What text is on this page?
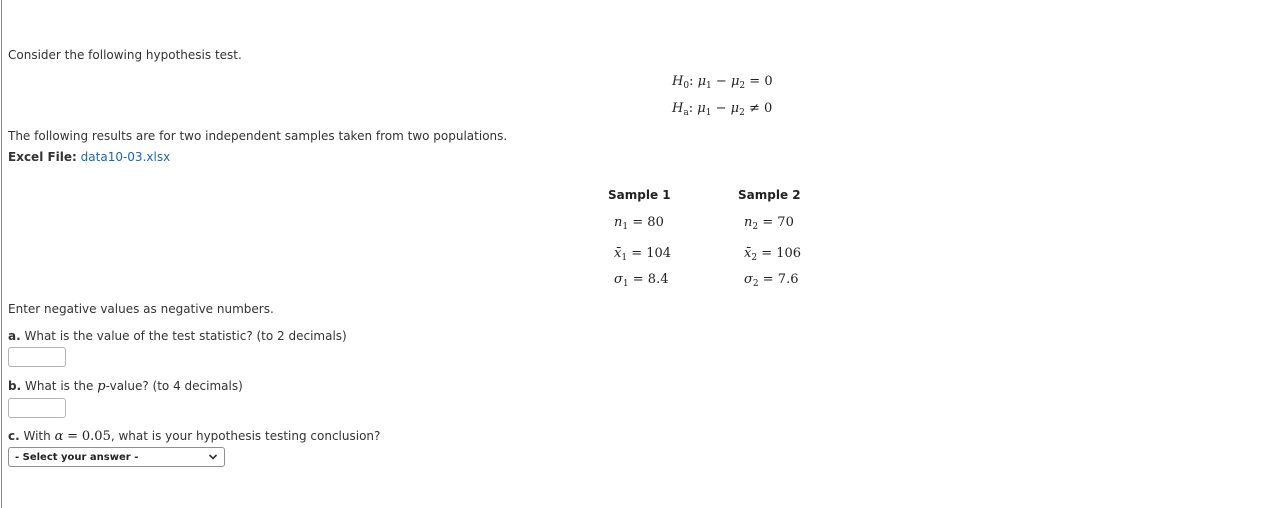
Consider the following hypothesis test.
$H_0$: $\mu_1 - \mu_2 = 0$
$H_a$: $\mu_1 - \mu_2 \ne 0$
The following results are for two independent samples taken from two populations.
Excel File: data10-03.xlsx
Sample 1	Sample 2
$n_1 = 80$	$n_2 = 70$
$x̄_1 = 104$	$x̄_2 = 106$
$\sigma_1 = 8.4$	$\sigma_2 = 7.6$
Enter negative values as negative numbers.
a. What is the value of the test statistic? (to 2 decimals)
b. What is the p-value? (to 4 decimals)
c. With α = 0.05, what is your hypothesis testing conclusion?
- Select your answer -
